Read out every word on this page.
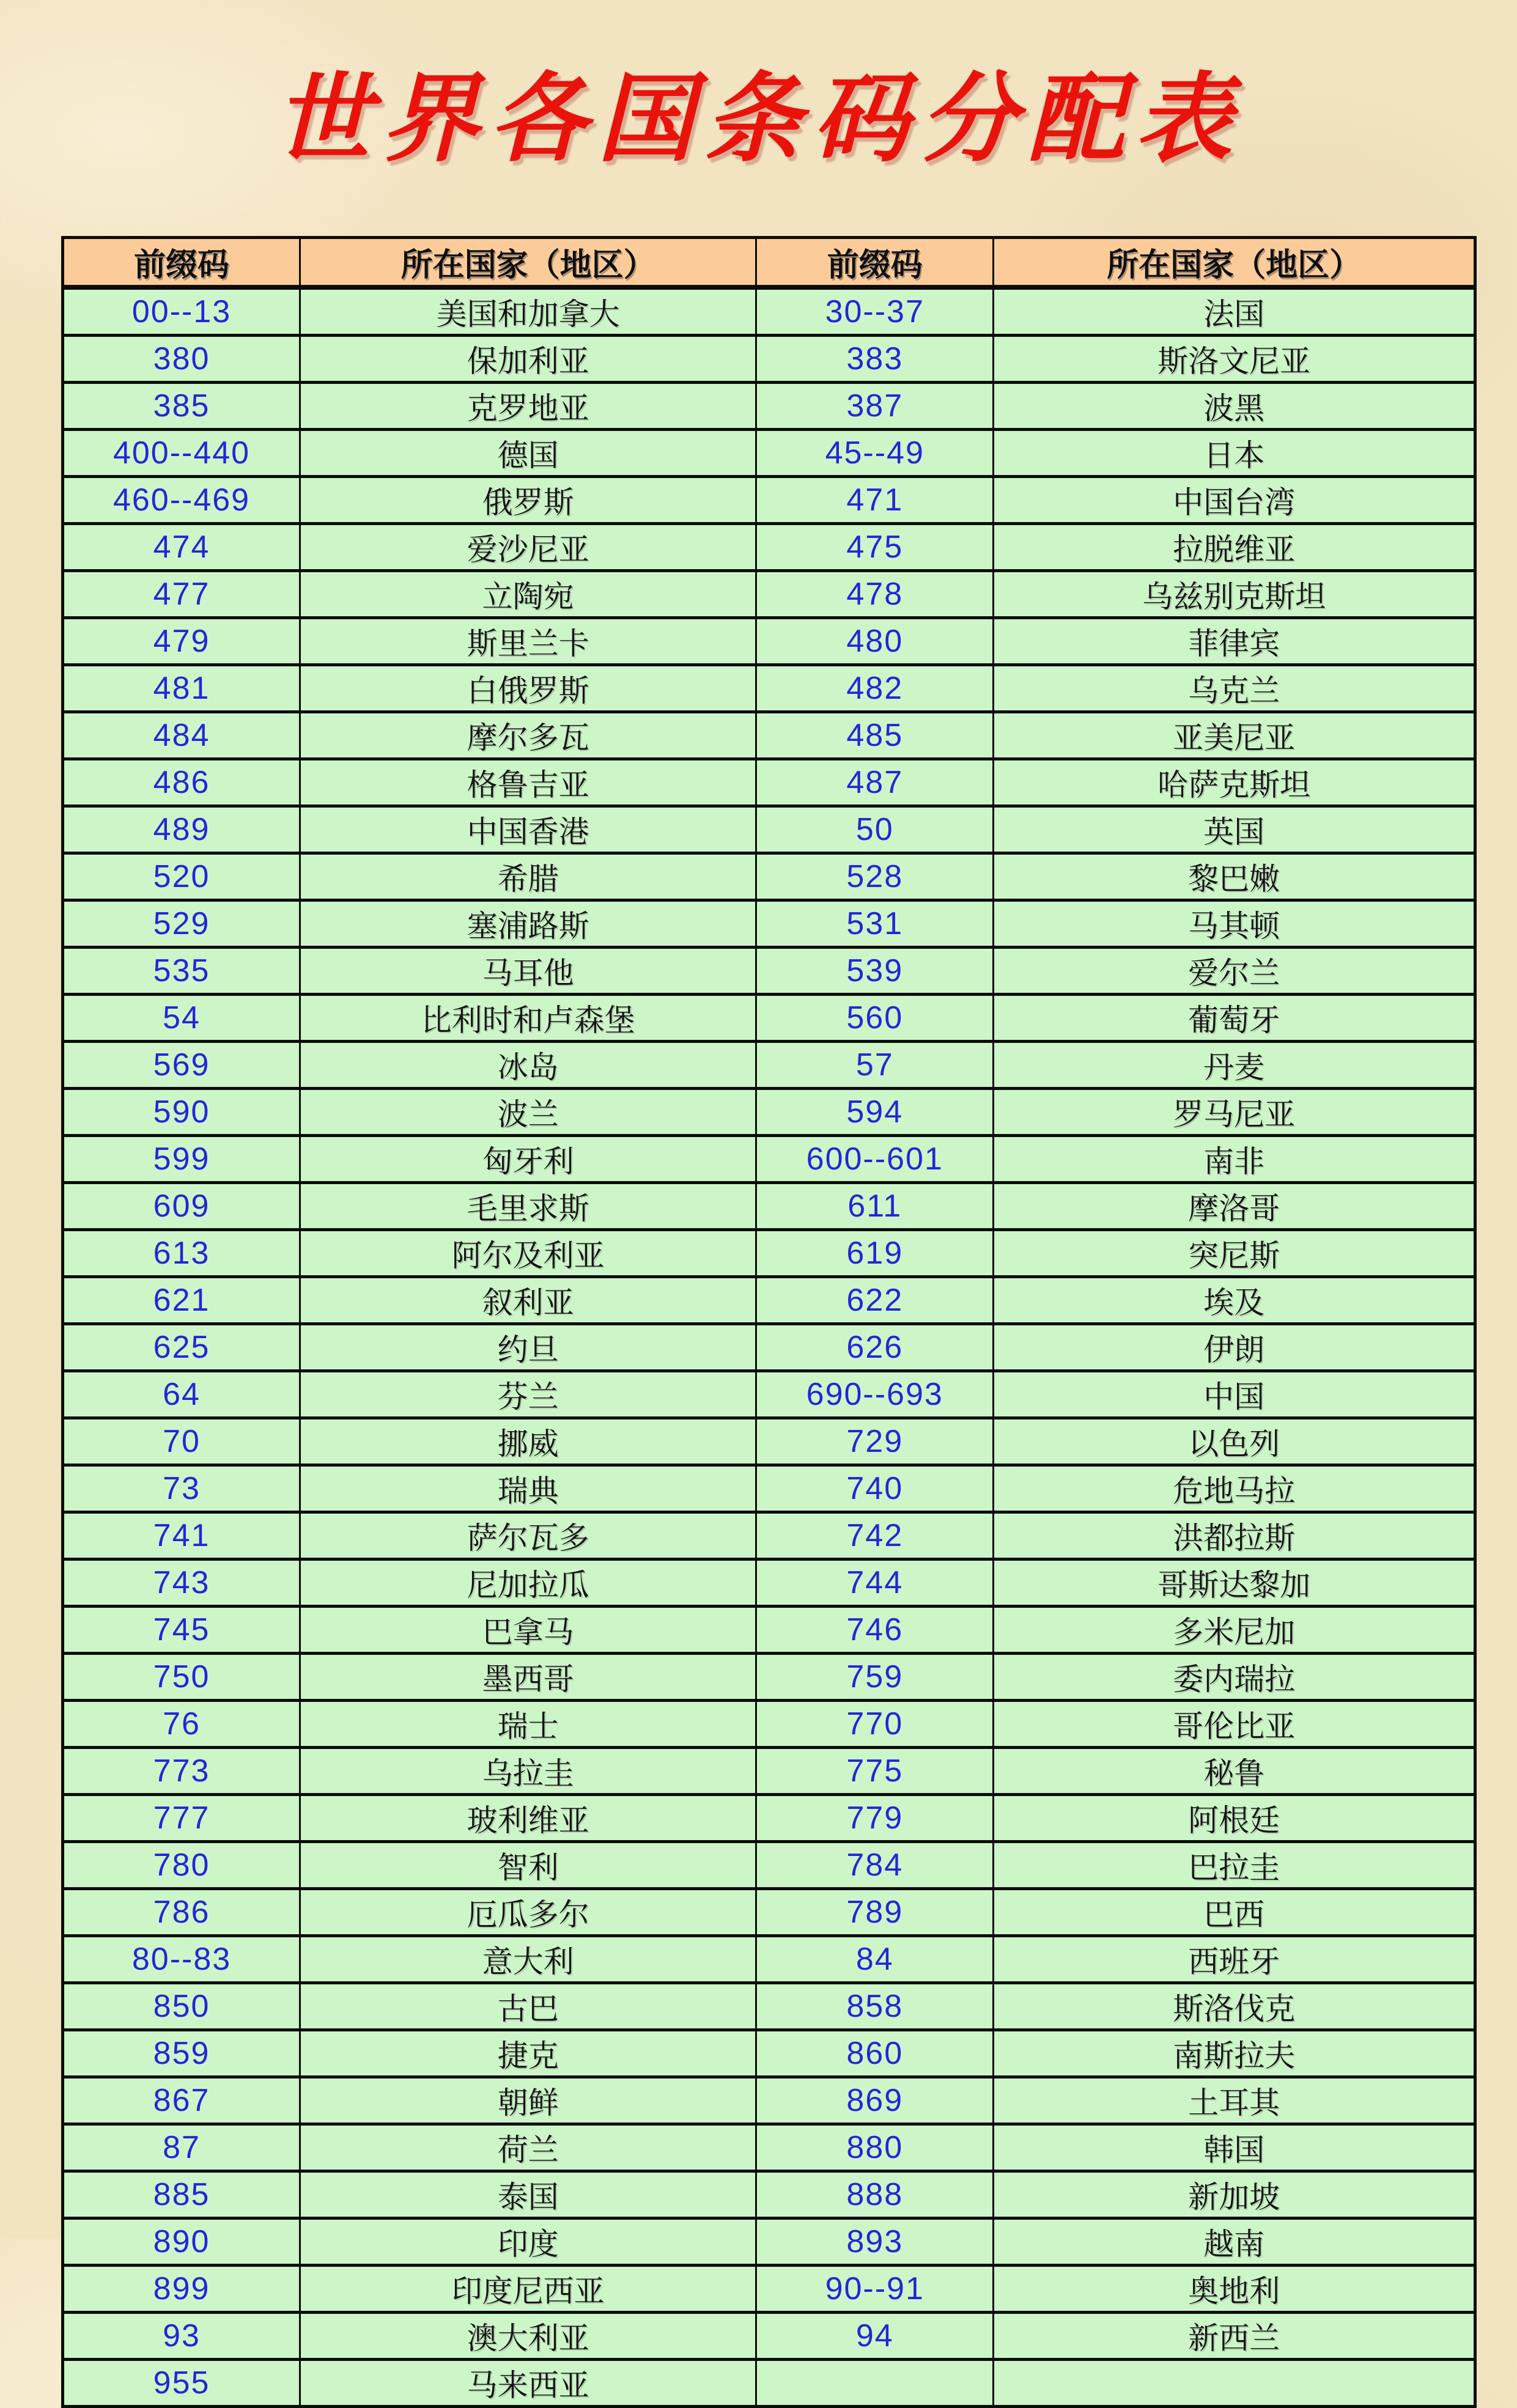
世界各国条码分配表
前缀码	所在国家（地区）	前缀码	所在国家（地区）
00--13	美国和加拿大	30--37	法国
380	保加利亚	383	斯洛文尼亚
385	克罗地亚	387	波黑
400--440	德国	45--49	日本
460--469	俄罗斯	471	中国台湾
474	爱沙尼亚	475	拉脱维亚
477	立陶宛	478	乌兹别克斯坦
479	斯里兰卡	480	菲律宾
481	白俄罗斯	482	乌克兰
484	摩尔多瓦	485	亚美尼亚
486	格鲁吉亚	487	哈萨克斯坦
489	中国香港	50	英国
520	希腊	528	黎巴嫩
529	塞浦路斯	531	马其顿
535	马耳他	539	爱尔兰
54	比利时和卢森堡	560	葡萄牙
569	冰岛	57	丹麦
590	波兰	594	罗马尼亚
599	匈牙利	600--601	南非
609	毛里求斯	611	摩洛哥
613	阿尔及利亚	619	突尼斯
621	叙利亚	622	埃及
625	约旦	626	伊朗
64	芬兰	690--693	中国
70	挪威	729	以色列
73	瑞典	740	危地马拉
741	萨尔瓦多	742	洪都拉斯
743	尼加拉瓜	744	哥斯达黎加
745	巴拿马	746	多米尼加
750	墨西哥	759	委内瑞拉
76	瑞士	770	哥伦比亚
773	乌拉圭	775	秘鲁
777	玻利维亚	779	阿根廷
780	智利	784	巴拉圭
786	厄瓜多尔	789	巴西
80--83	意大利	84	西班牙
850	古巴	858	斯洛伐克
859	捷克	860	南斯拉夫
867	朝鲜	869	土耳其
87	荷兰	880	韩国
885	泰国	888	新加坡
890	印度	893	越南
899	印度尼西亚	90--91	奥地利
93	澳大利亚	94	新西兰
955	马来西亚		
